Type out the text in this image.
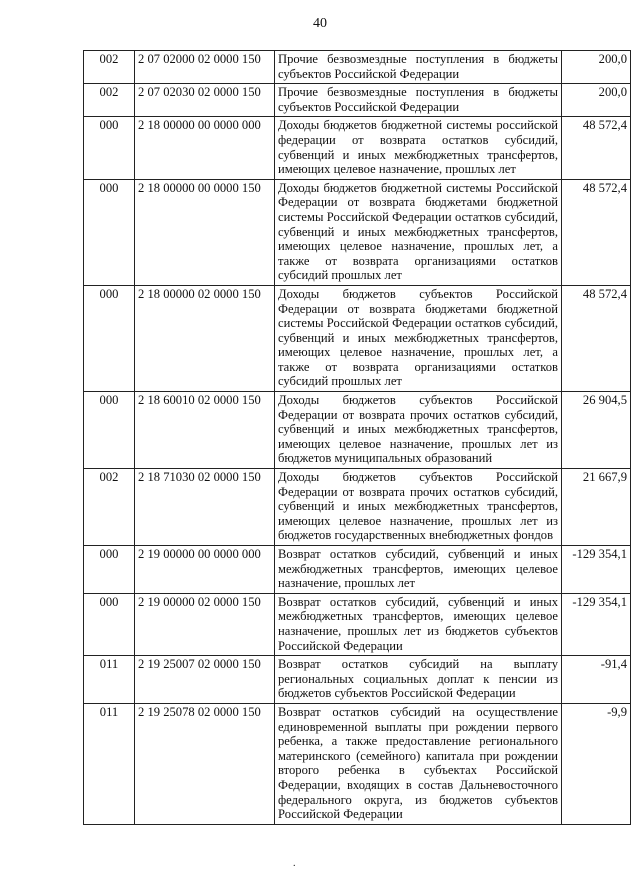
40
002	2 07 02000 02 0000 150	Прочие безвозмездные поступления в бюджеты субъектов Российской Федерации	200,0
002	2 07 02030 02 0000 150	Прочие безвозмездные поступления в бюджеты субъектов Российской Федерации	200,0
000	2 18 00000 00 0000 000	Доходы бюджетов бюджетной системы российской федерации от возврата остатков субсидий, субвенций и иных межбюджетных трансфертов, имеющих целевое назначение, прошлых лет	48 572,4
000	2 18 00000 00 0000 150	Доходы бюджетов бюджетной системы Российской Федерации от возврата бюджетами бюджетной системы Российской Федерации остатков субсидий, субвенций и иных межбюджетных трансфертов, имеющих целевое назначение, прошлых лет, а также от возврата организациями остатков субсидий прошлых лет	48 572,4
000	2 18 00000 02 0000 150	Доходы бюджетов субъектов Российской Федерации от возврата бюджетами бюджетной системы Российской Федерации остатков субсидий, субвенций и иных межбюджетных трансфертов, имеющих целевое назначение, прошлых лет, а также от возврата организациями остатков субсидий прошлых лет	48 572,4
000	2 18 60010 02 0000 150	Доходы бюджетов субъектов Российской Федерации от возврата прочих остатков субсидий, субвенций и иных межбюджетных трансфертов, имеющих целевое назначение, прошлых лет из бюджетов муниципальных образований	26 904,5
002	2 18 71030 02 0000 150	Доходы бюджетов субъектов Российской Федерации от возврата прочих остатков субсидий, субвенций и иных межбюджетных трансфертов, имеющих целевое назначение, прошлых лет из бюджетов государственных внебюджетных фондов	21 667,9
000	2 19 00000 00 0000 000	Возврат остатков субсидий, субвенций и иных межбюджетных трансфертов, имеющих целевое назначение, прошлых лет	-129 354,1
000	2 19 00000 02 0000 150	Возврат остатков субсидий, субвенций и иных межбюджетных трансфертов, имеющих целевое назначение, прошлых лет из бюджетов субъектов Российской Федерации	-129 354,1
011	2 19 25007 02 0000 150	Возврат остатков субсидий на выплату региональных социальных доплат к пенсии из бюджетов субъектов Российской Федерации	-91,4
011	2 19 25078 02 0000 150	Возврат остатков субсидий на осуществление единовременной выплаты при рождении первого ребенка, а также предоставление регионального материнского (семейного) капитала при рождении второго ребенка в субъектах Российской Федерации, входящих в состав Дальневосточного федерального округа, из бюджетов субъектов Российской Федерации	-9,9
.
